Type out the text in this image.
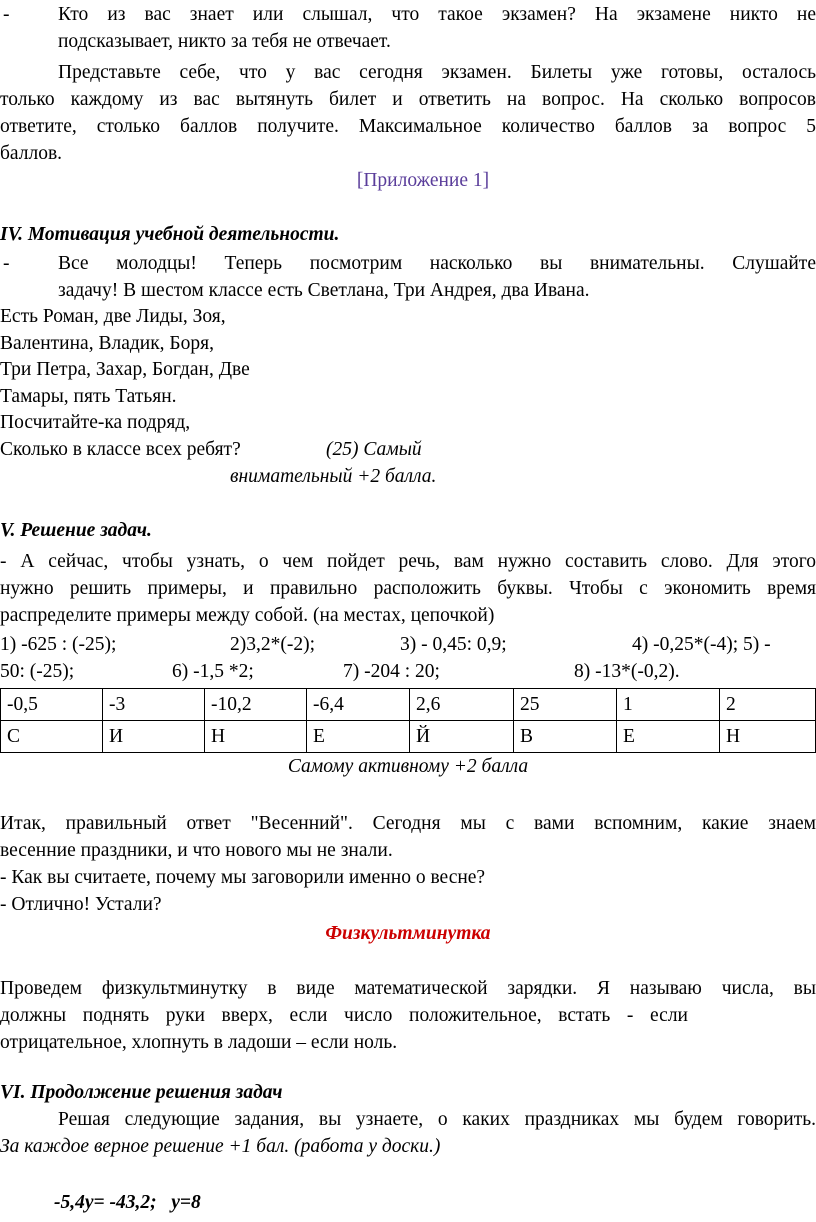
- Кто из вас знает или слышал, что такое экзамен? На экзамене никто не
подсказывает, никто за тебя не отвечает.
Представьте себе, что у вас сегодня экзамен. Билеты уже готовы, осталось
только каждому из вас вытянуть билет и ответить на вопрос. На сколько вопросов
ответите, столько баллов получите. Максимальное количество баллов за вопрос 5
баллов.
[Приложение 1]
IV. Мотивация учебной деятельности.
- Все молодцы! Теперь посмотрим насколько вы внимательны. Слушайте
задачу! В шестом классе есть Светлана, Три Андрея, два Ивана.
Есть Роман, две Лиды, Зоя,
Валентина, Владик, Боря,
Три Петра, Захар, Богдан, Две
Тамары, пять Татьян.
Посчитайте-ка подряд,
Сколько в классе всех ребят?	(25) Самый
внимательный +2 балла.
V. Решение задач.
- А сейчас, чтобы узнать, о чем пойдет речь, вам нужно составить слово. Для этого
нужно решить примеры, и правильно расположить буквы. Чтобы с экономить время
распределите примеры между собой. (на местах, цепочкой)
1) -625 : (-25);	2)3,2*(-2);	3) - 0,45: 0,9;	4) -0,25*(-4); 5) -
50: (-25);	6) -1,5 *2;	7) -204 : 20;	8) -13*(-0,2).
-0,5	-3	-10,2	-6,4	2,6	25	1	2
С	И	Н	Е	Й	В	Е	Н
Самому активному +2 балла
Итак, правильный ответ "Весенний". Сегодня мы с вами вспомним, какие знаем
весенние праздники, и что нового мы не знали.
- Как вы считаете, почему мы заговорили именно о весне?
- Отлично! Устали?
Физкультминутка
Проведем физкультминутку в виде математической зарядки. Я называю числа, вы
должны поднять руки вверх, если число положительное, встать - если
отрицательное, хлопнуть в ладоши – если ноль.
VI. Продолжение решения задач
Решая следующие задания, вы узнаете, о каких праздниках мы будем говорить.
За каждое верное решение +1 бал. (работа у доски.)
-5,4у= -43,2;   у=8
